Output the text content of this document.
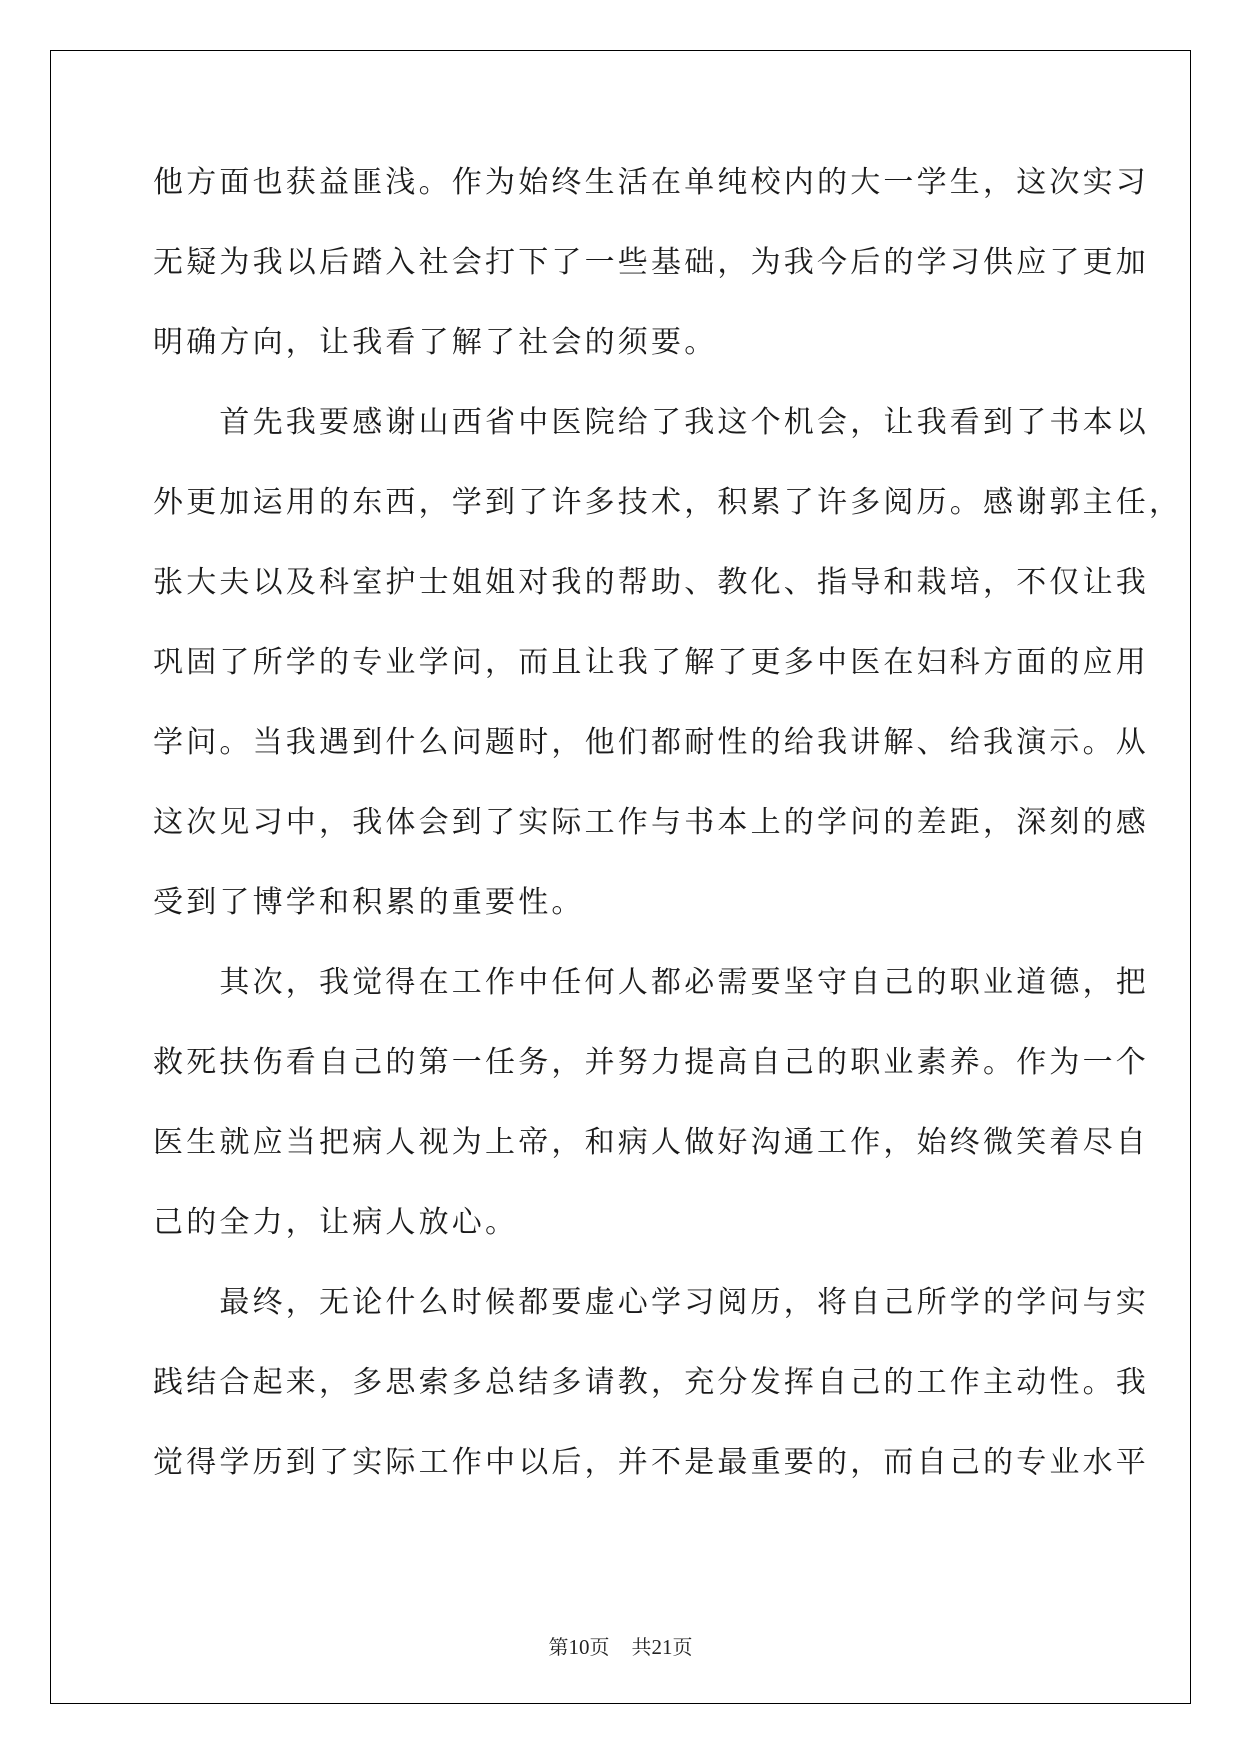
他方面也获益匪浅。作为始终生活在单纯校内的大一学生，这次实习
无疑为我以后踏入社会打下了一些基础，为我今后的学习供应了更加
明确方向，让我看了解了社会的须要。
　　首先我要感谢山西省中医院给了我这个机会，让我看到了书本以
外更加运用的东西，学到了许多技术，积累了许多阅历。感谢郭主任，
张大夫以及科室护士姐姐对我的帮助、教化、指导和栽培，不仅让我
巩固了所学的专业学问，而且让我了解了更多中医在妇科方面的应用
学问。当我遇到什么问题时，他们都耐性的给我讲解、给我演示。从
这次见习中，我体会到了实际工作与书本上的学问的差距，深刻的感
受到了博学和积累的重要性。
　　其次，我觉得在工作中任何人都必需要坚守自己的职业道德，把
救死扶伤看自己的第一任务，并努力提高自己的职业素养。作为一个
医生就应当把病人视为上帝，和病人做好沟通工作，始终微笑着尽自
己的全力，让病人放心。
　　最终，无论什么时候都要虚心学习阅历，将自己所学的学问与实
践结合起来，多思索多总结多请教，充分发挥自己的工作主动性。我
觉得学历到了实际工作中以后，并不是最重要的，而自己的专业水平
第10页 共21页
